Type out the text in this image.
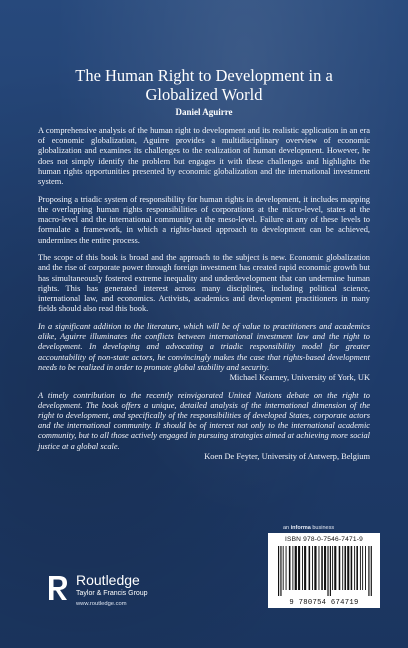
The Human Right to Development in a
Globalized World
Daniel Aguirre

A comprehensive analysis of the human right to development and its realistic application in an era of economic globalization, Aguirre provides a multidisciplinary overview of economic globalization and examines its challenges to the realization of human development. However, he does not simply identify the problem but engages it with these challenges and highlights the human rights opportunities presented by economic globalization and the international investment system.

Proposing a triadic system of responsibility for human rights in development, it includes mapping the overlapping human rights responsibilities of corporations at the micro-level, states at the macro-level and the international community at the meso-level. Failure at any of these levels to formulate a framework, in which a rights-based approach to development can be achieved, undermines the entire process.

The scope of this book is broad and the approach to the subject is new. Economic globalization and the rise of corporate power through foreign investment has created rapid economic growth but has simultaneously fostered extreme inequality and underdevelopment that can undermine human rights. This has generated interest across many disciplines, including political science, international law, and economics. Activists, academics and development practitioners in many fields should also read this book.

In a significant addition to the literature, which will be of value to practitioners and academics alike, Aguirre illuminates the conflicts between international investment law and the right to development. In developing and advocating a triadic responsibility model for greater accountability of non-state actors, he convincingly makes the case that rights-based development needs to be realized in order to promote global stability and security.

Michael Kearney, University of York, UK

A timely contribution to the recently reinvigorated United Nations debate on the right to development. The book offers a unique, detailed analysis of the international dimension of the right to development, and specifically of the responsibilities of developed States, corporate actors and the international community. It should be of interest not only to the international academic community, but to all those actively engaged in pursuing strategies aimed at achieving more social justice at a global scale.

Koen De Feyter, University of Antwerp, Belgium
an informa business
ISBN 978-0-7546-7471-9
9 780754 674719
Routledge
Taylor & Francis Group
www.routledge.com
